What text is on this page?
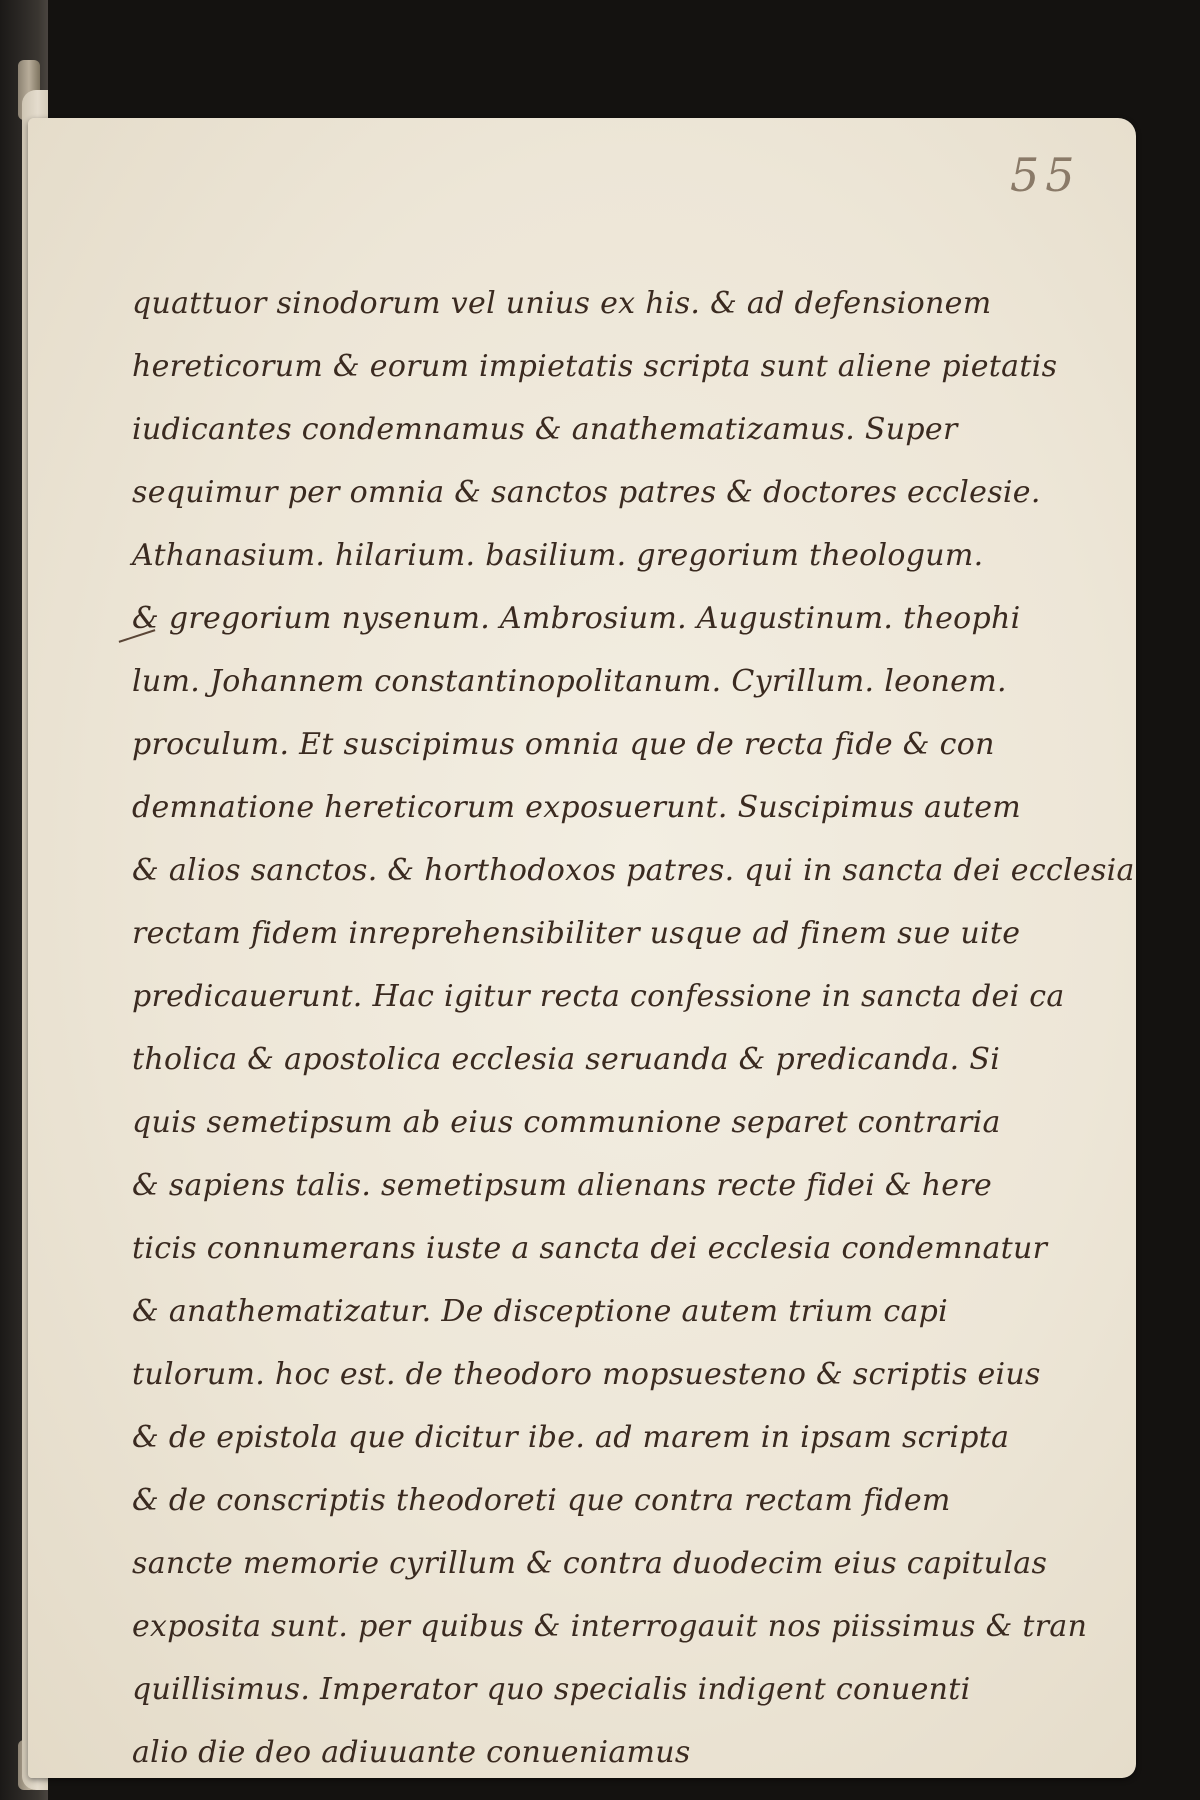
55
quattuor sinodorum vel unius ex his. & ad defensionem
hereticorum & eorum impietatis scripta sunt aliene pietatis
iudicantes condemnamus & anathematizamus. Super
sequimur per omnia & sanctos patres & doctores ecclesie.
Athanasium. hilarium. basilium. gregorium theologum.
& gregorium nysenum. Ambrosium. Augustinum. theophi
lum. Johannem constantinopolitanum. Cyrillum. leonem.
proculum. Et suscipimus omnia que de recta fide & con
demnatione hereticorum exposuerunt. Suscipimus autem
& alios sanctos. & horthodoxos patres. qui in sancta dei ecclesia
rectam fidem inreprehensibiliter usque ad finem sue uite
predicauerunt. Hac igitur recta confessione in sancta dei ca
tholica & apostolica ecclesia seruanda & predicanda. Si
quis semetipsum ab eius communione separet contraria
& sapiens talis. semetipsum alienans recte fidei & here
ticis connumerans iuste a sancta dei ecclesia condemnatur
& anathematizatur. De disceptione autem trium capi
tulorum. hoc est. de theodoro mopsuesteno & scriptis eius
& de epistola que dicitur ibe. ad marem in ipsam scripta
& de conscriptis theodoreti que contra rectam fidem
sancte memorie cyrillum & contra duodecim eius capitulas
exposita sunt. per quibus & interrogauit nos piissimus & tran
quillisimus. Imperator quo specialis indigent conuenti
alio die deo adiuuante conueniamus
